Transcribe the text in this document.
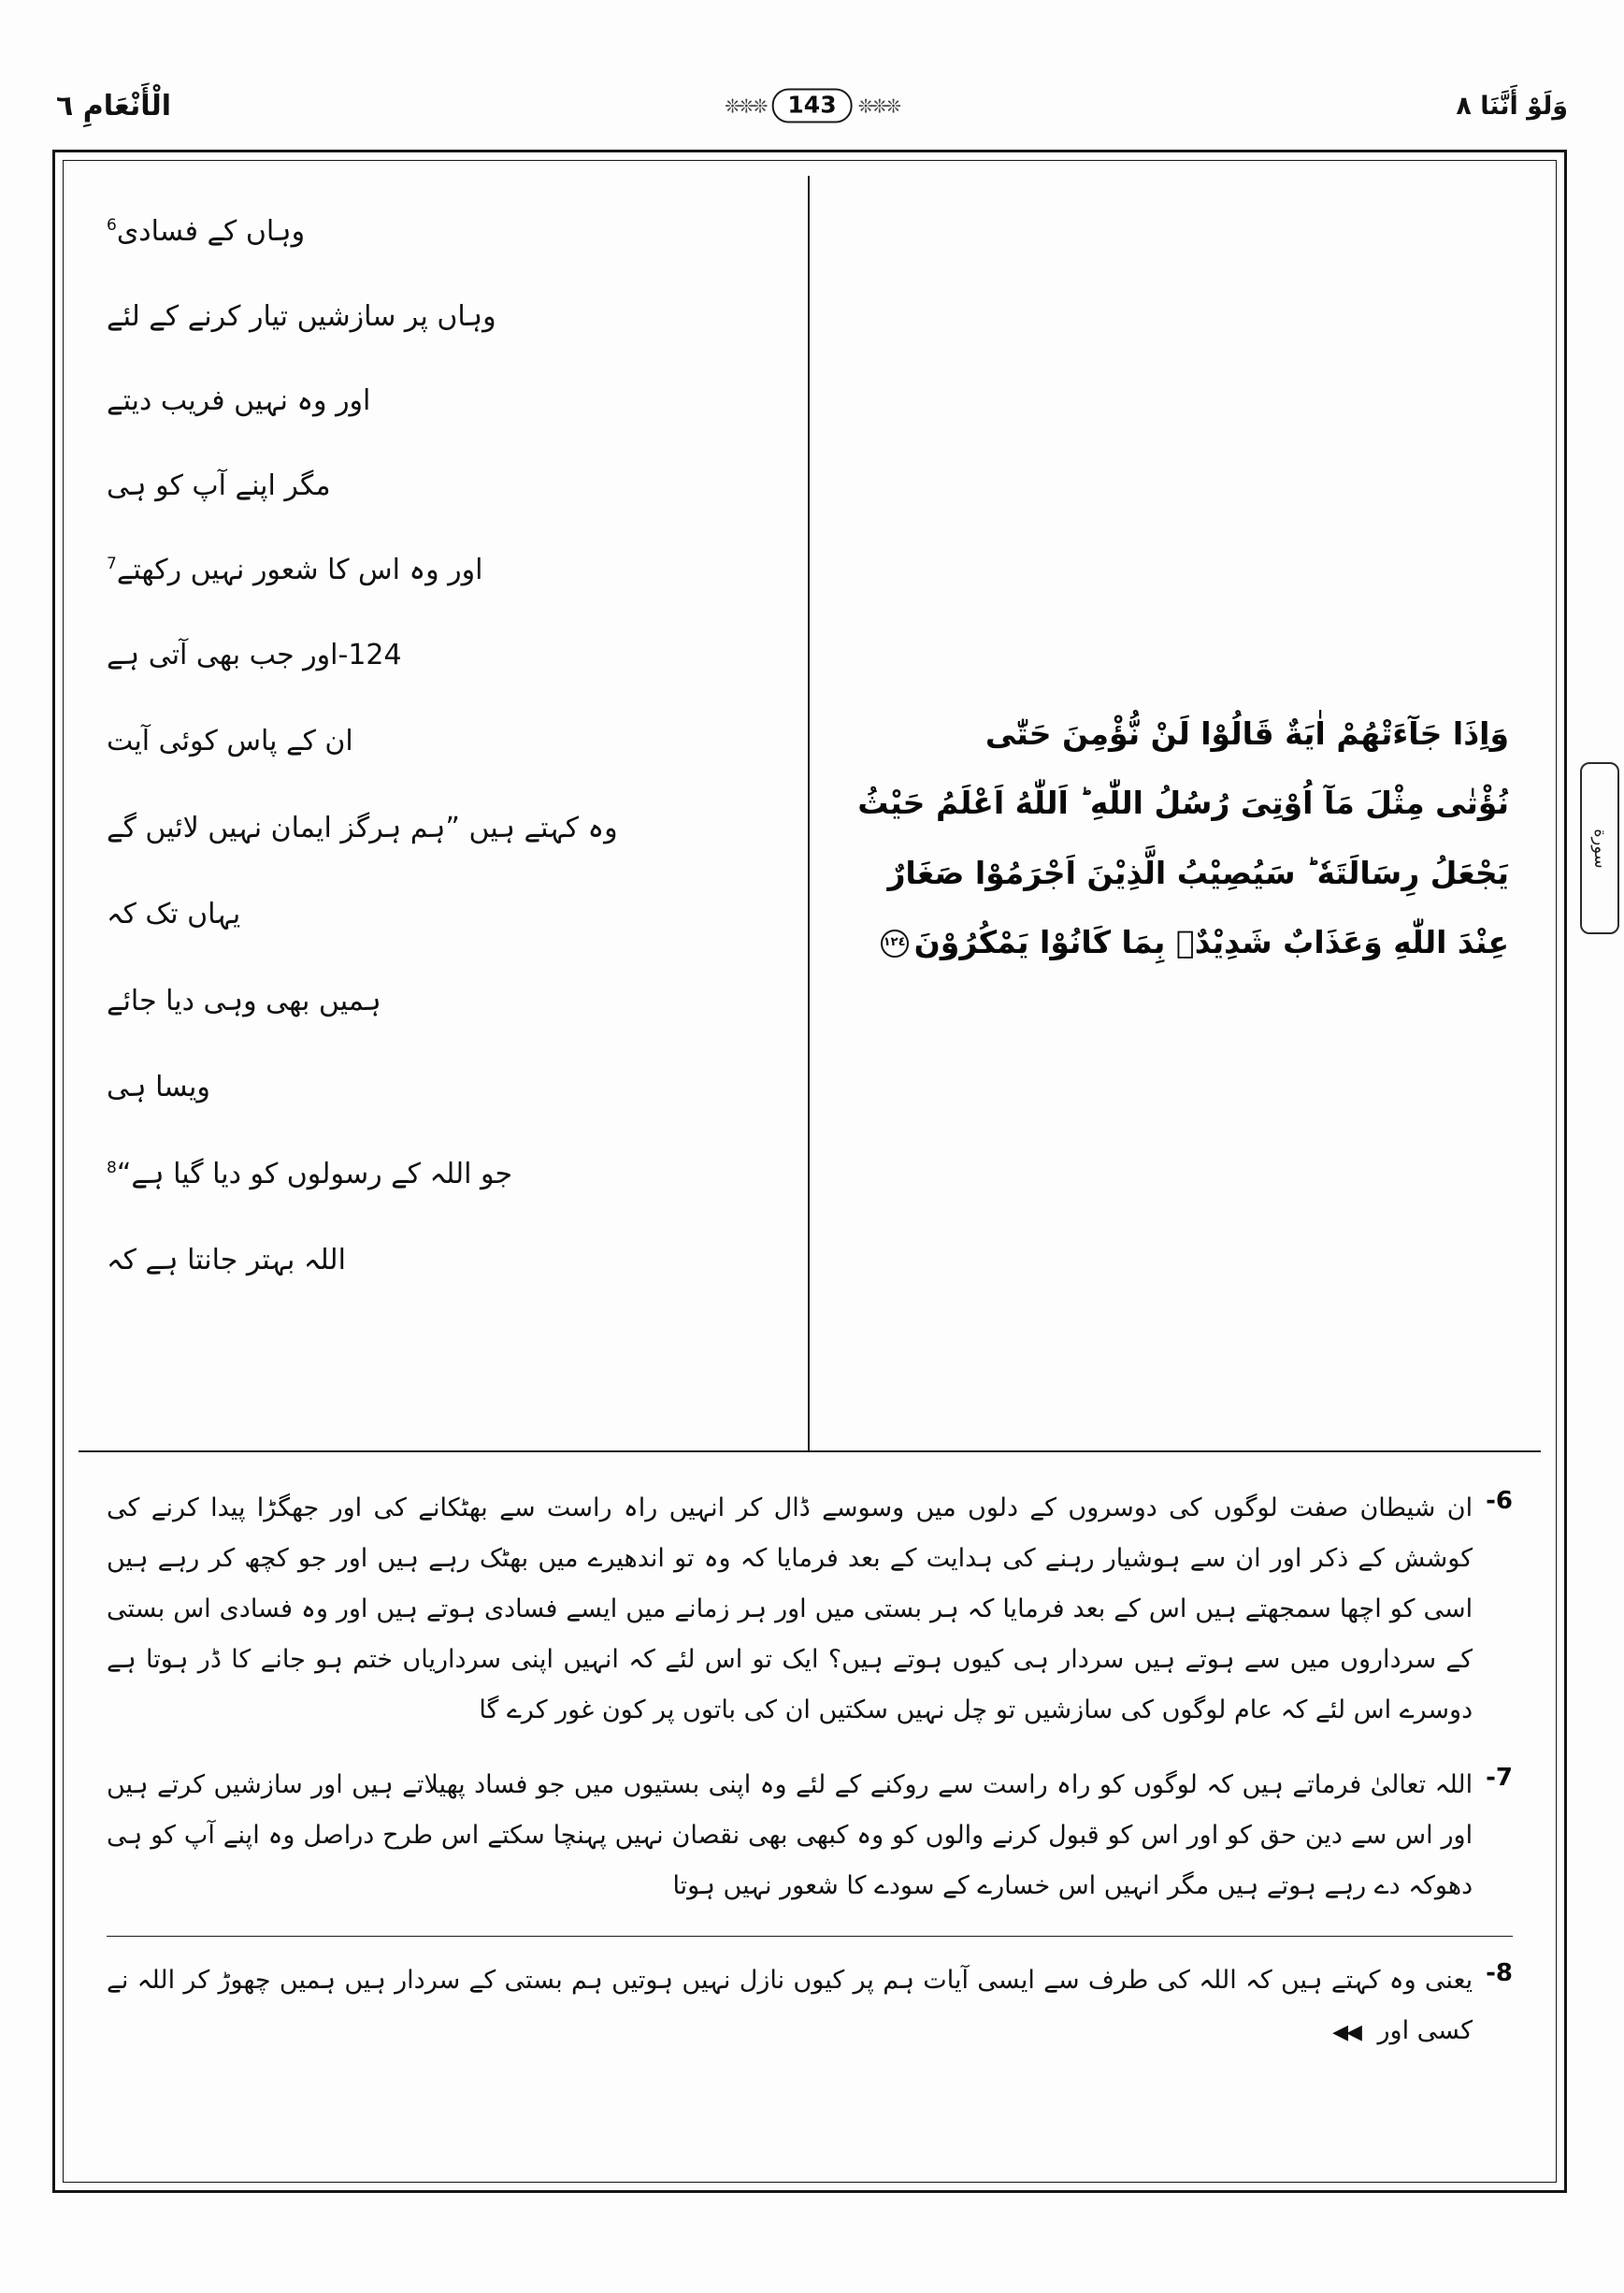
الْأَنْعَامِ ٦	❊❊❊
143
❊❊❊	وَلَوْ أَنَّنَا ٨
سورة
وَاِذَا جَآءَتْهُمْ اٰيَةٌ قَالُوْا لَنْ نُّؤْمِنَ حَتّٰى
نُؤْتٰى مِثْلَ مَآ اُوْتِیَ رُسُلُ اللّٰهِ ؕ اَللّٰهُ اَعْلَمُ حَيْثُ
يَجْعَلُ رِسَالَتَهٗ ؕ سَيُصِيْبُ الَّذِيْنَ اَجْرَمُوْا صَغَارٌ
عِنْدَ اللّٰهِ وَعَذَابٌ شَدِيْدٌۢ بِمَا كَانُوْا يَمْكُرُوْنَ١٢٤
وہاں کے فسادی$^6$
وہاں پر سازشیں تیار کرنے کے لئے
اور وہ نہیں فریب دیتے
مگر اپنے آپ کو ہی
اور وہ اس کا شعور نہیں رکھتے$^7$
124-اور جب بھی آتی ہے
ان کے پاس کوئی آیت
وہ کہتے ہیں ”ہم ہرگز ایمان نہیں لائیں گے
یہاں تک کہ
ہمیں بھی وہی دیا جائے
ویسا ہی
جو اللہ کے رسولوں کو دیا گیا ہے“$^8$
اللہ بہتر جانتا ہے کہ
6-
ان شیطان صفت لوگوں کی دوسروں کے دلوں میں وسوسے ڈال کر انہیں راہ راست سے بھٹکانے کی اور جھگڑا پیدا کرنے کی کوشش کے ذکر اور ان سے ہوشیار رہنے کی ہدایت کے بعد فرمایا کہ وہ تو اندھیرے میں بھٹک رہے ہیں اور جو کچھ کر رہے ہیں اسی کو اچھا سمجھتے ہیں اس کے بعد فرمایا کہ ہر بستی میں اور ہر زمانے میں ایسے فسادی ہوتے ہیں اور وہ فسادی اس بستی کے سرداروں میں سے ہوتے ہیں سردار ہی کیوں ہوتے ہیں؟ ایک تو اس لئے کہ انہیں اپنی سرداریاں ختم ہو جانے کا ڈر ہوتا ہے دوسرے اس لئے کہ عام لوگوں کی سازشیں تو چل نہیں سکتیں ان کی باتوں پر کون غور کرے گا
7-
اللہ تعالیٰ فرماتے ہیں کہ لوگوں کو راہ راست سے روکنے کے لئے وہ اپنی بستیوں میں جو فساد پھیلاتے ہیں اور سازشیں کرتے ہیں اور اس سے دین حق کو اور اس کو قبول کرنے والوں کو وہ کبھی بھی نقصان نہیں پہنچا سکتے اس طرح دراصل وہ اپنے آپ کو ہی دھوکہ دے رہے ہوتے ہیں مگر انہیں اس خسارے کے سودے کا شعور نہیں ہوتا
8-
یعنی وہ کہتے ہیں کہ اللہ کی طرف سے ایسی آیات ہم پر کیوں نازل نہیں ہوتیں ہم بستی کے سردار ہیں ہمیں چھوڑ کر اللہ نے کسی اور ◀◀
